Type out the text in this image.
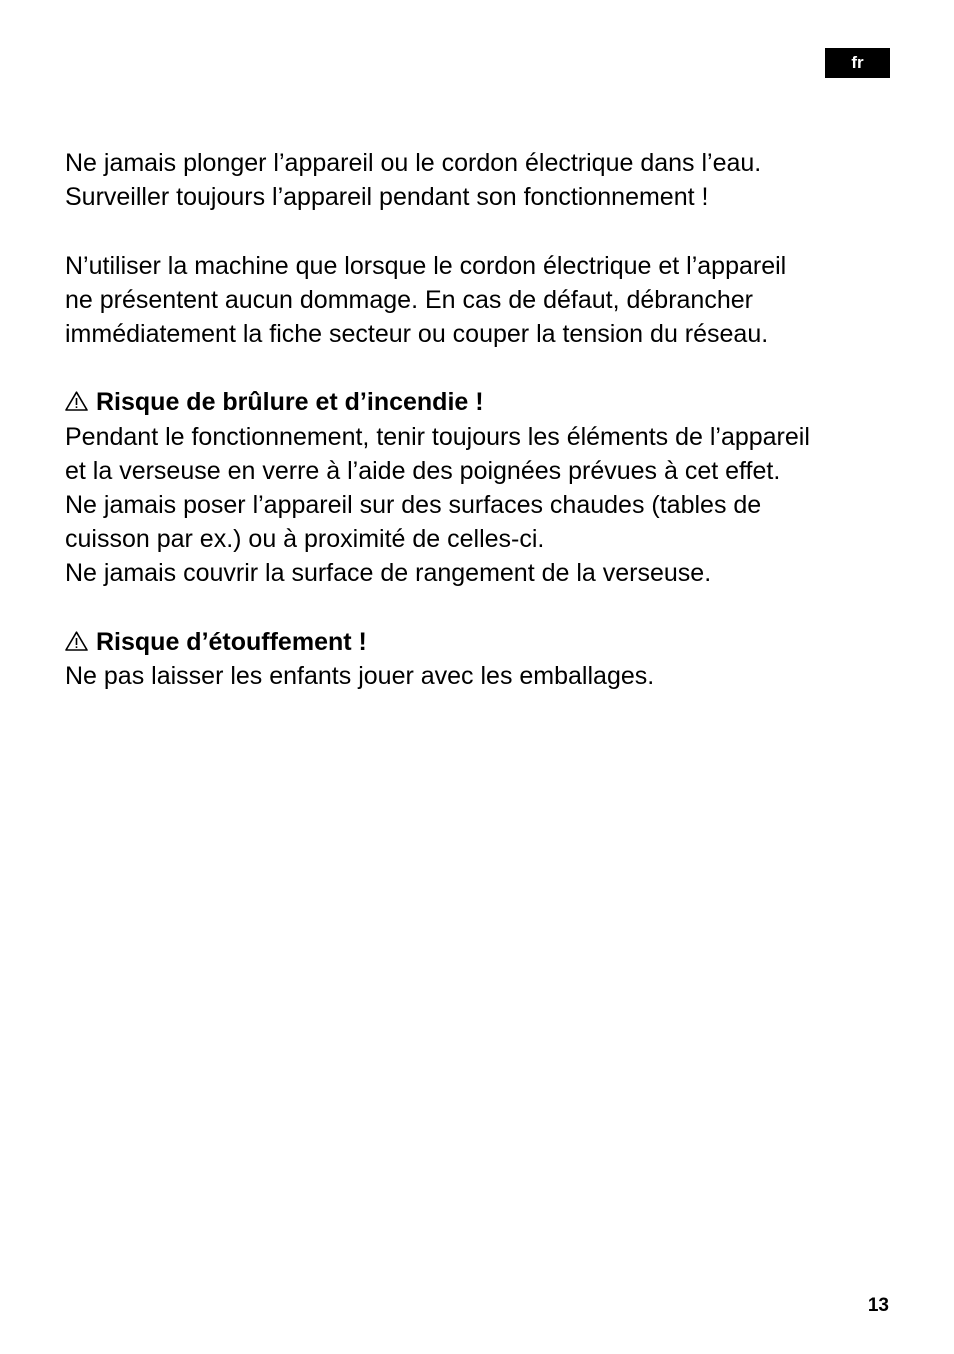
fr
Ne jamais plonger l’appareil ou le cordon électrique dans l’eau.
Surveiller toujours l’appareil pendant son fonctionnement !
N’utiliser la machine que lorsque le cordon électrique et l’appareil
ne présentent aucun dommage. En cas de défaut, débrancher
immédiatement la fiche secteur ou couper la tension du réseau.
Risque de brûlure et d’incendie !
Pendant le fonctionnement, tenir toujours les éléments de l’appareil
et la verseuse en verre à l’aide des poignées prévues à cet effet.
Ne jamais poser l’appareil sur des surfaces chaudes (tables de
cuisson par ex.) ou à proximité de celles-ci.
Ne jamais couvrir la surface de rangement de la verseuse.
Risque d’étouffement !
Ne pas laisser les enfants jouer avec les emballages.
13
